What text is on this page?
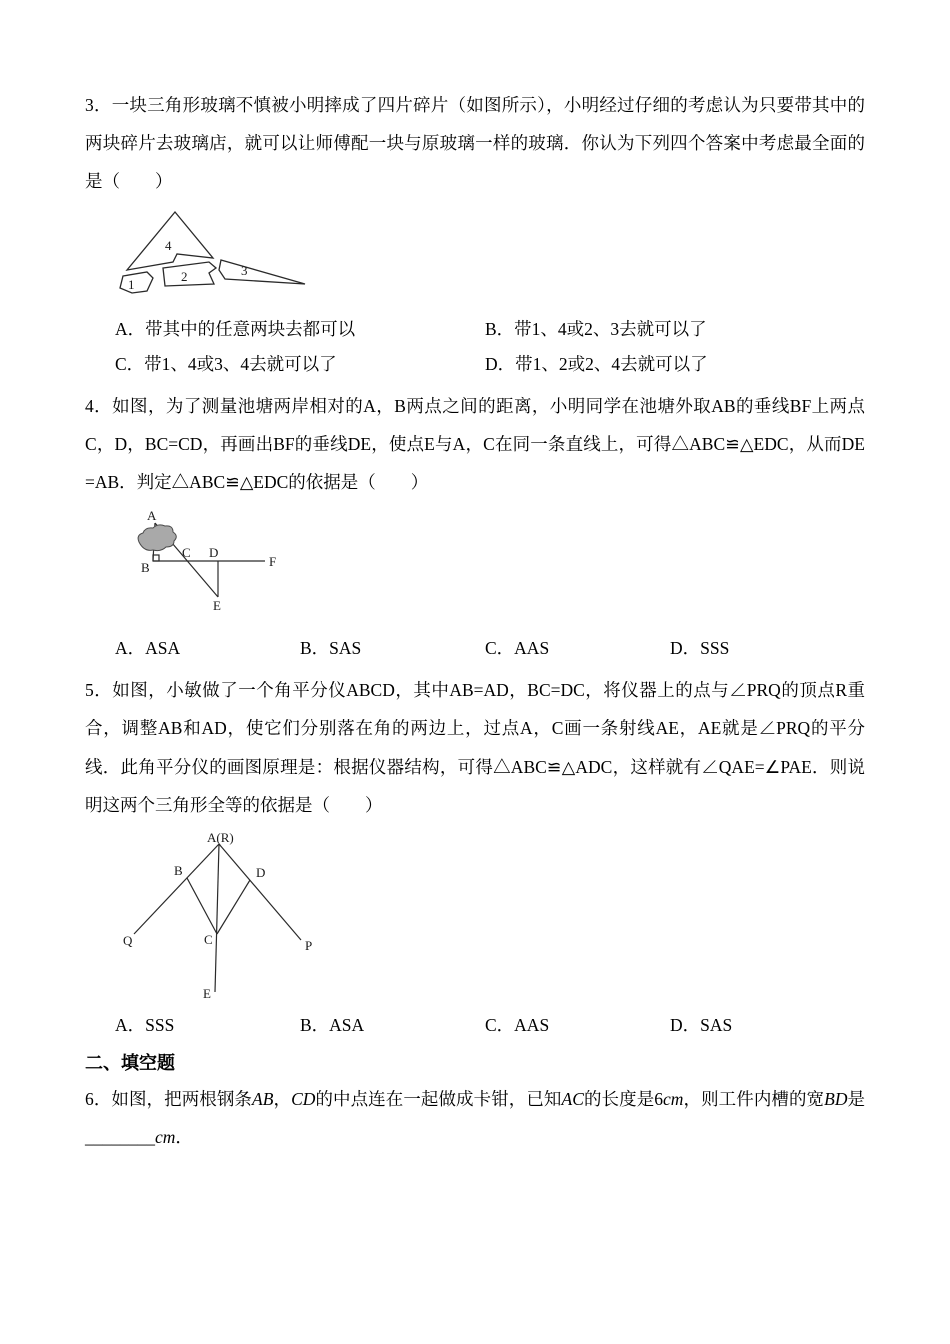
3．一块三角形玻璃不慎被小明摔成了四片碎片（如图所示），小明经过仔细的考虑认为只要带其中的两块碎片去玻璃店，就可以让师傅配一块与原玻璃一样的玻璃．你认为下列四个答案中考虑最全面的是（　　）

4
2	3
1
A．带其中的任意两块去都可以	B．带1、4或2、3去就可以了
C．带1、4或3、4去就可以了	D．带1、2或2、4去就可以了

4．如图，为了测量池塘两岸相对的A，B两点之间的距离，小明同学在池塘外取AB的垂线BF上两点C，D，BC=CD，再画出BF的垂线DE，使点E与A，C在同一条直线上，可得△ABC≌△EDC，从而DE=AB．判定△ABC≌△EDC的依据是（　　）

A
B
C D
F
E
A．ASA	B．SAS	C．AAS	D．SSS

5．如图，小敏做了一个角平分仪ABCD，其中AB=AD，BC=DC，将仪器上的点与∠PRQ的顶点R重合，调整AB和AD，使它们分别落在角的两边上，过点A，C画一条射线AE，AE就是∠PRQ的平分线．此角平分仪的画图原理是：根据仪器结构，可得△ABC≌△ADC，这样就有∠QAE=∠PAE．则说明这两个三角形全等的依据是（　　）

A(R)
B	D
Q	P
C
E
A．SSS	B．ASA	C．AAS	D．SAS
二、填空题

6．如图，把两根钢条AB，CD的中点连在一起做成卡钳，已知AC的长度是6cm，则工件内槽的宽BD是 ________cm．
